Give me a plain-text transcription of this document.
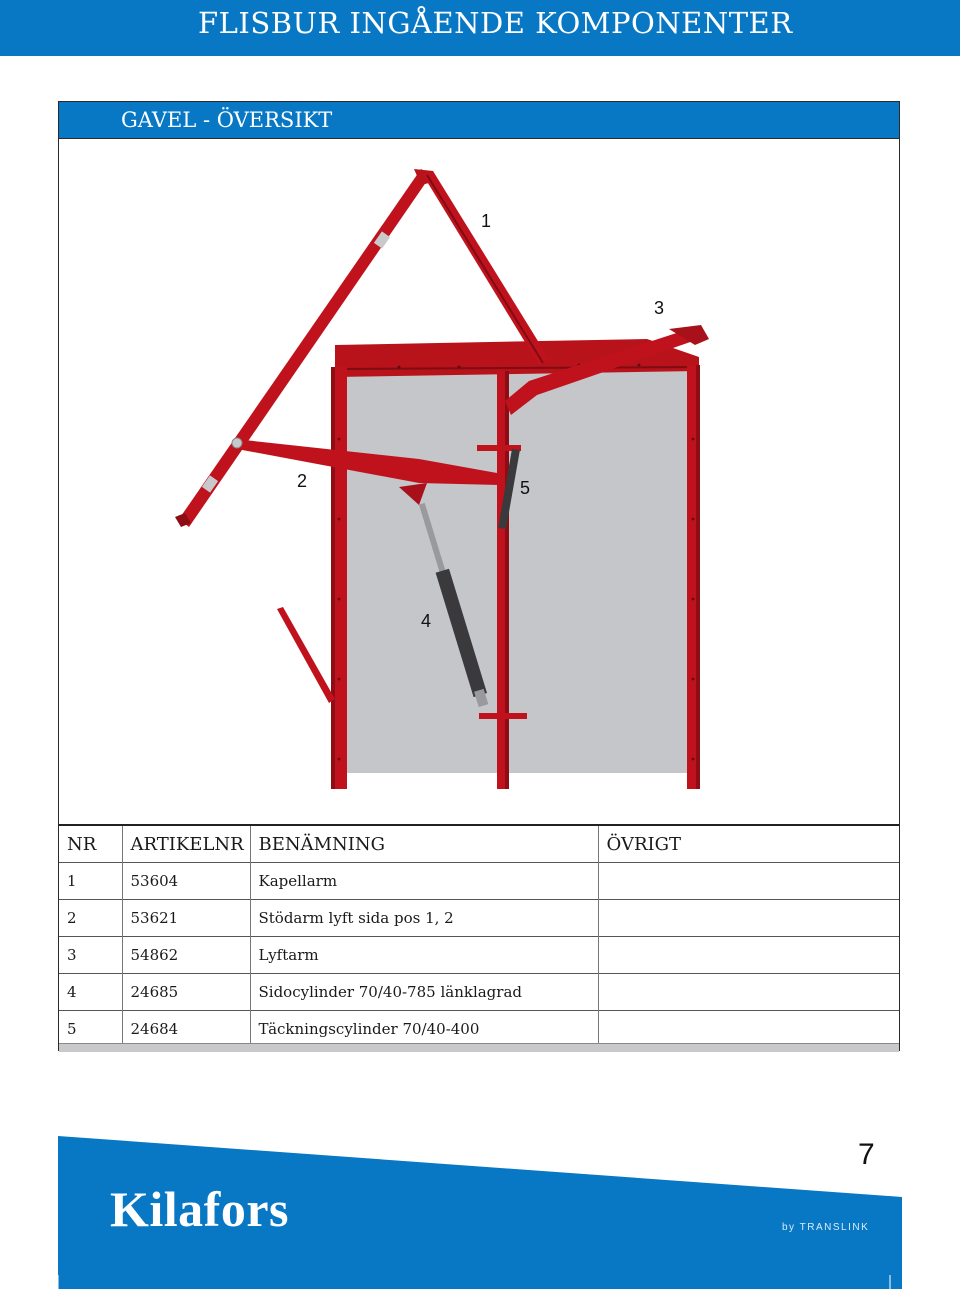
FLISBUR INGÅENDE KOMPONENTER
GAVEL - ÖVERSIKT
1
3
2	5
4
NR	ARTIKELNR	BENÄMNING	ÖVRIGT
1	53604	Kapellarm	
2	53621	Stödarm lyft sida pos 1, 2	
3	54862	Lyftarm	
4	24685	Sidocylinder 70/40-785 länklagrad	
5	24684	Täckningscylinder 70/40-400	
7
Kilafors	by TRANSLINK
